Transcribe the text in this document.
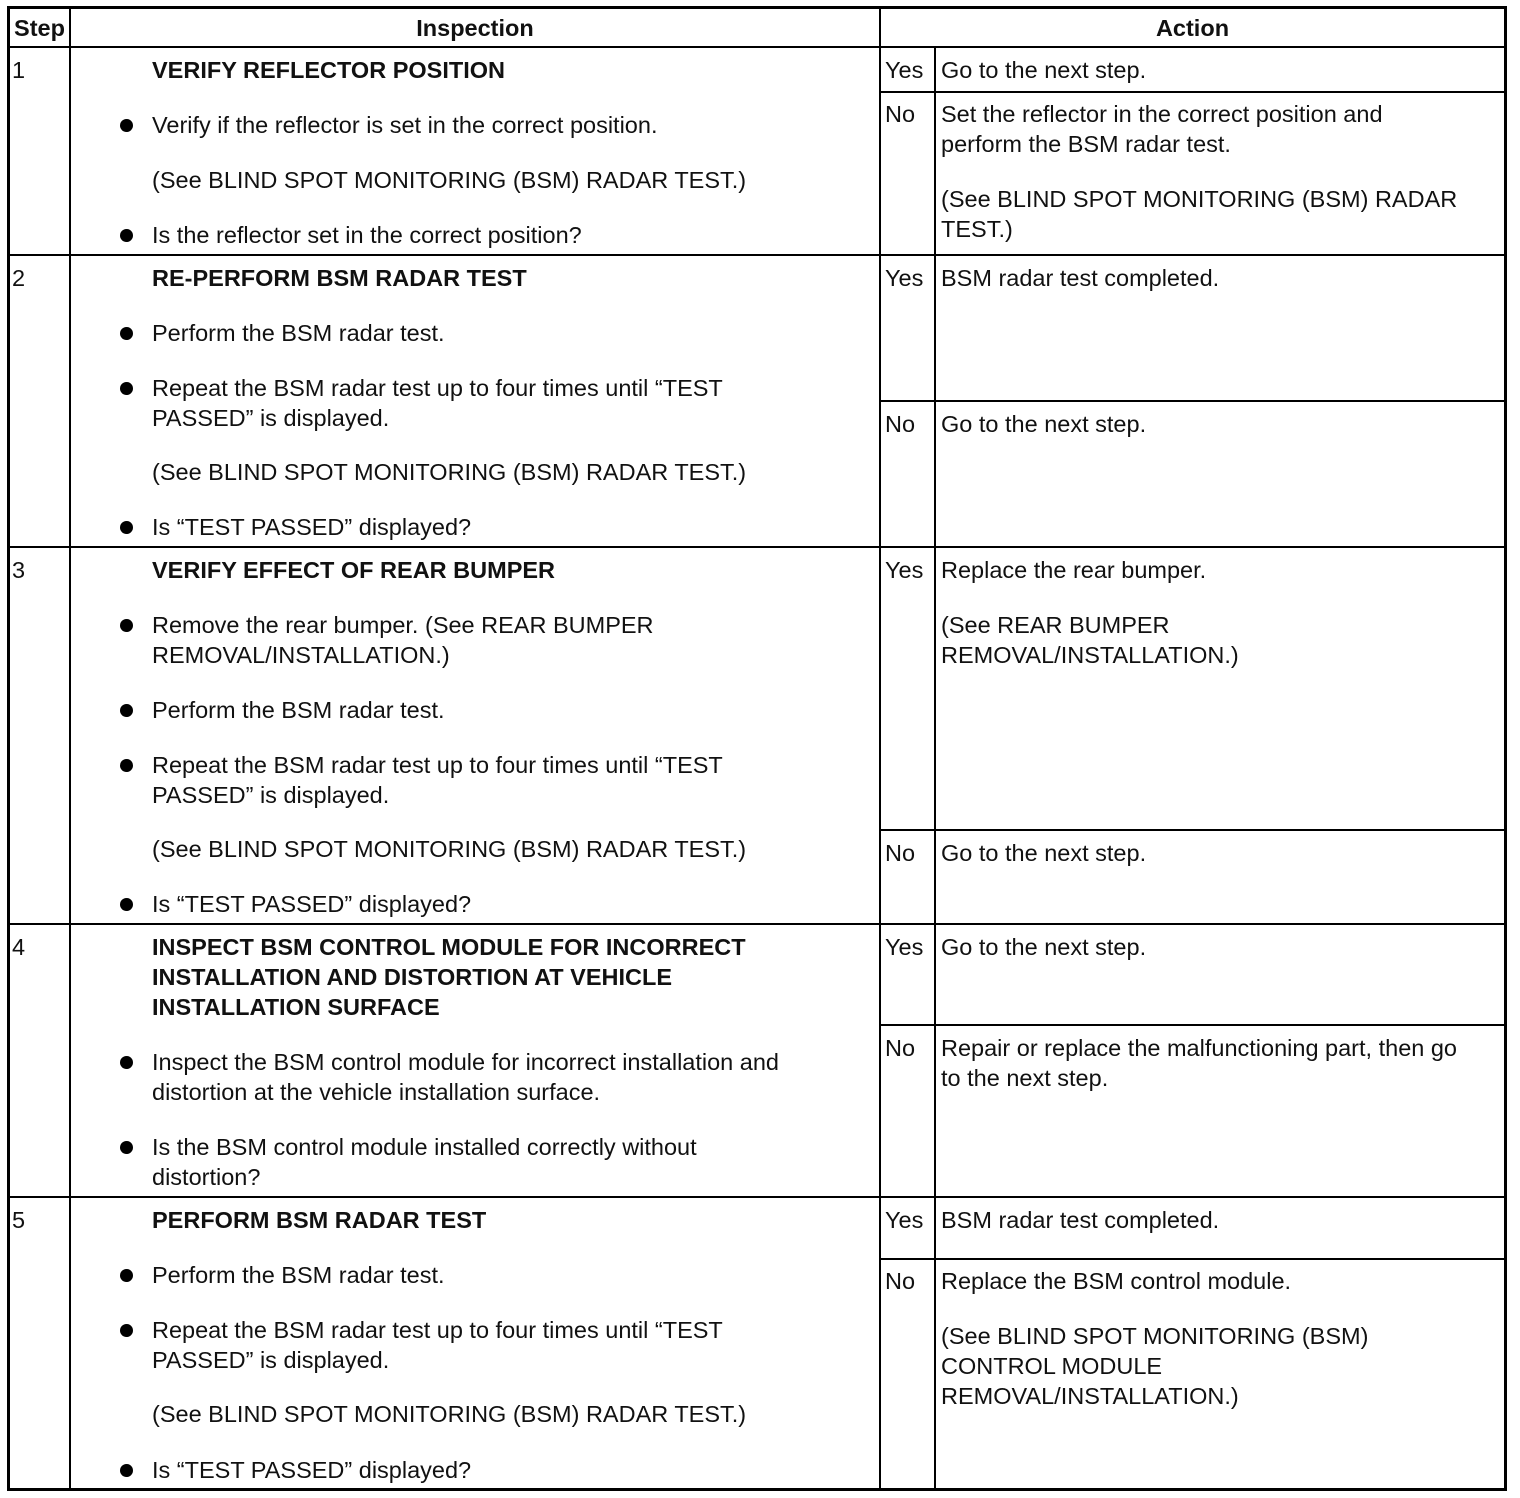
Step	Inspection	Action
1	VERIFY REFLECTOR POSITION
Verify if the reflector is set in the correct position.
(See BLIND SPOT MONITORING (BSM) RADAR TEST.)
Is the reflector set in the correct position?
Yes Go to the next step.
No Set the reflector in the correct position and
perform the BSM radar test.
(See BLIND SPOT MONITORING (BSM) RADAR
TEST.)
2	RE-PERFORM BSM RADAR TEST
Perform the BSM radar test.
Repeat the BSM radar test up to four times until “TEST
PASSED” is displayed.
(See BLIND SPOT MONITORING (BSM) RADAR TEST.)
Is “TEST PASSED” displayed?
Yes BSM radar test completed.
No Go to the next step.
3	VERIFY EFFECT OF REAR BUMPER
Remove the rear bumper. (See REAR BUMPER
REMOVAL/INSTALLATION.)
Perform the BSM radar test.
Repeat the BSM radar test up to four times until “TEST
PASSED” is displayed.
(See BLIND SPOT MONITORING (BSM) RADAR TEST.)
Is “TEST PASSED” displayed?
Yes Replace the rear bumper.
(See REAR BUMPER
REMOVAL/INSTALLATION.)
No Go to the next step.
4	INSPECT BSM CONTROL MODULE FOR INCORRECT
INSTALLATION AND DISTORTION AT VEHICLE
INSTALLATION SURFACE
Inspect the BSM control module for incorrect installation and
distortion at the vehicle installation surface.
Is the BSM control module installed correctly without
distortion?
Yes Go to the next step.
No Repair or replace the malfunctioning part, then go
to the next step.
5	PERFORM BSM RADAR TEST
Perform the BSM radar test.
Repeat the BSM radar test up to four times until “TEST
PASSED” is displayed.
(See BLIND SPOT MONITORING (BSM) RADAR TEST.)
Is “TEST PASSED” displayed?
Yes BSM radar test completed.
No Replace the BSM control module.
(See BLIND SPOT MONITORING (BSM)
CONTROL MODULE
REMOVAL/INSTALLATION.)
